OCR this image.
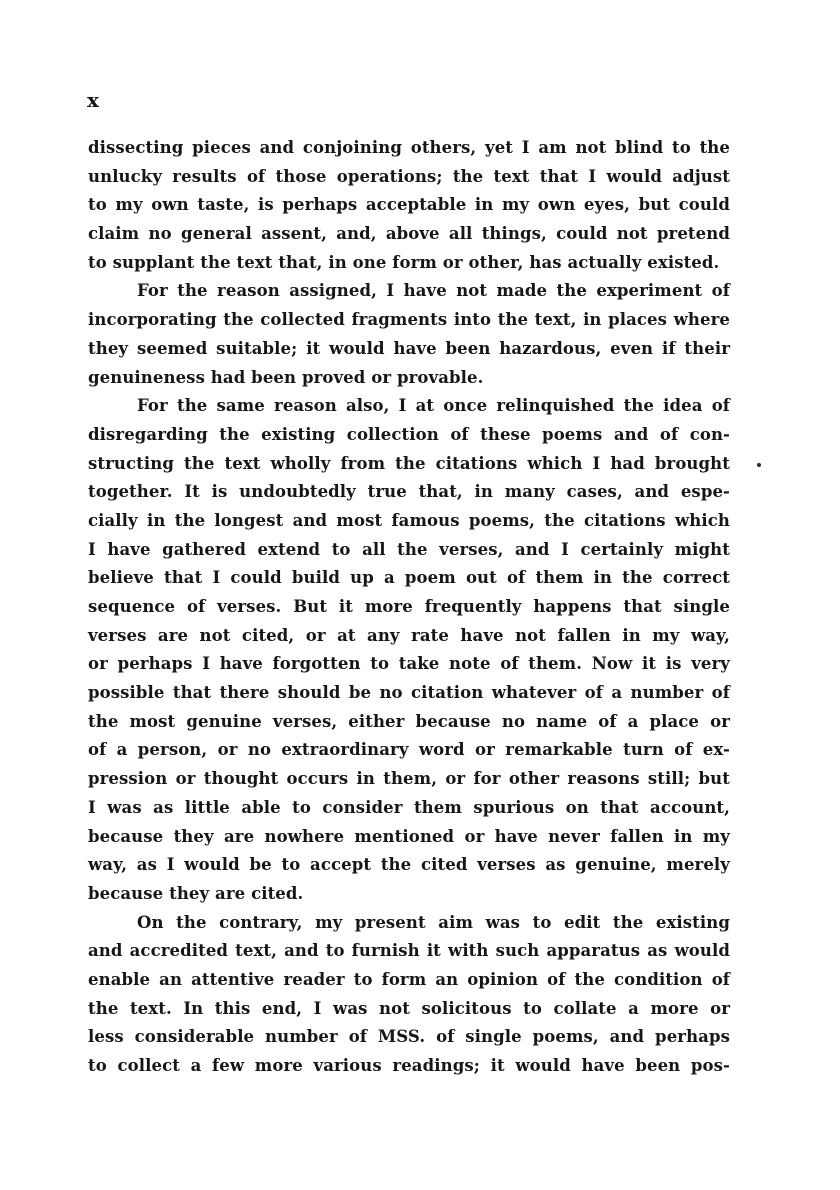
x
dissecting pieces and conjoining others, yet I am not blind to the
unlucky results of those operations; the text that I would adjust
to my own taste, is perhaps acceptable in my own eyes, but could
claim no general assent, and, above all things, could not pretend
to supplant the text that, in one form or other, has actually existed.
For the reason assigned, I have not made the experiment of
incorporating the collected fragments into the text, in places where
they seemed suitable; it would have been hazardous, even if their
genuineness had been proved or provable.
For the same reason also, I at once relinquished the idea of
disregarding the existing collection of these poems and of con-
structing the text wholly from the citations which I had brought
together. It is undoubtedly true that, in many cases, and espe-
cially in the longest and most famous poems, the citations which
I have gathered extend to all the verses, and I certainly might
believe that I could build up a poem out of them in the correct
sequence of verses. But it more frequently happens that single
verses are not cited, or at any rate have not fallen in my way,
or perhaps I have forgotten to take note of them. Now it is very
possible that there should be no citation whatever of a number of
the most genuine verses, either because no name of a place or
of a person, or no extraordinary word or remarkable turn of ex-
pression or thought occurs in them, or for other reasons still; but
I was as little able to consider them spurious on that account,
because they are nowhere mentioned or have never fallen in my
way, as I would be to accept the cited verses as genuine, merely
because they are cited.
On the contrary, my present aim was to edit the existing
and accredited text, and to furnish it with such apparatus as would
enable an attentive reader to form an opinion of the condition of
the text. In this end, I was not solicitous to collate a more or
less considerable number of MSS. of single poems, and perhaps
to collect a few more various readings; it would have been pos-
